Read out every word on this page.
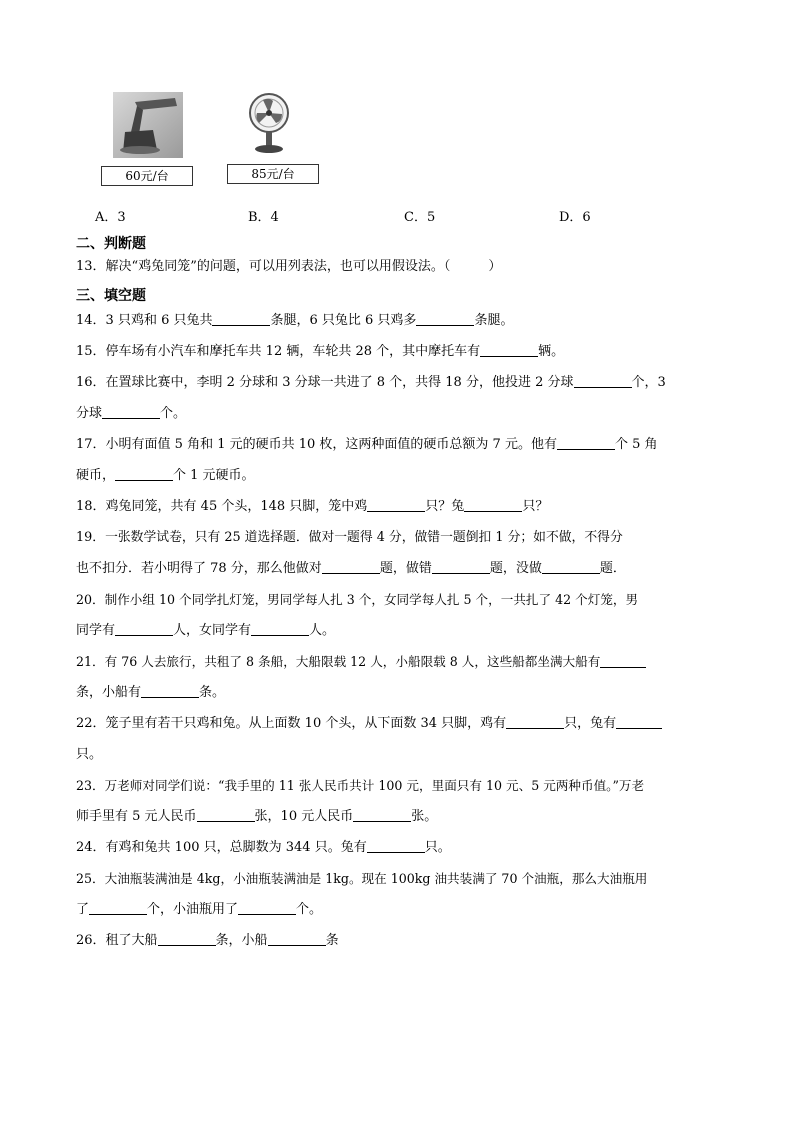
60元/台	85元/台
A．3	B．4	C．5	D．6
二、判断题
13．解决“鸡兔同笼”的问题，可以用列表法，也可以用假设法。（	）
三、填空题
14．3 只鸡和 6 只兔共	条腿，6 只兔比 6 只鸡多	条腿。
15．停车场有小汽车和摩托车共 12 辆，车轮共 28 个，其中摩托车有	辆。
16．在置球比赛中，李明 2 分球和 3 分球一共进了 8 个，共得 18 分，他投进 2 分球	个，3
分球	个。
17．小明有面值 5 角和 1 元的硬币共 10 枚，这两种面值的硬币总额为 7 元。他有	个 5 角
硬币，	个 1 元硬币。
18．鸡兔同笼，共有 45 个头，148 只脚，笼中鸡	只？兔	只？
19．一张数学试卷，只有 25 道选择题．做对一题得 4 分，做错一题倒扣 1 分；如不做，不得分
也不扣分．若小明得了 78 分，那么他做对	题，做错	题，没做	题．
20．制作小组 10 个同学扎灯笼，男同学每人扎 3 个，女同学每人扎 5 个，一共扎了 42 个灯笼，男
同学有	人，女同学有	人。
21．有 76 人去旅行，共租了 8 条船，大船限载 12 人，小船限载 8 人，这些船都坐满大船有
条，小船有	条。
22．笼子里有若干只鸡和兔。从上面数 10 个头，从下面数 34 只脚，鸡有	只，兔有
只。
23．万老师对同学们说：“我手里的 11 张人民币共计 100 元，里面只有 10 元、5 元两种币值。”万老
师手里有 5 元人民币	张，10 元人民币	张。
24．有鸡和兔共 100 只，总脚数为 344 只。兔有	只。
25．大油瓶装满油是 4kg，小油瓶装满油是 1kg。现在 100kg 油共装满了 70 个油瓶，那么大油瓶用
了	个，小油瓶用了	个。
26．租了大船	条，小船	条
